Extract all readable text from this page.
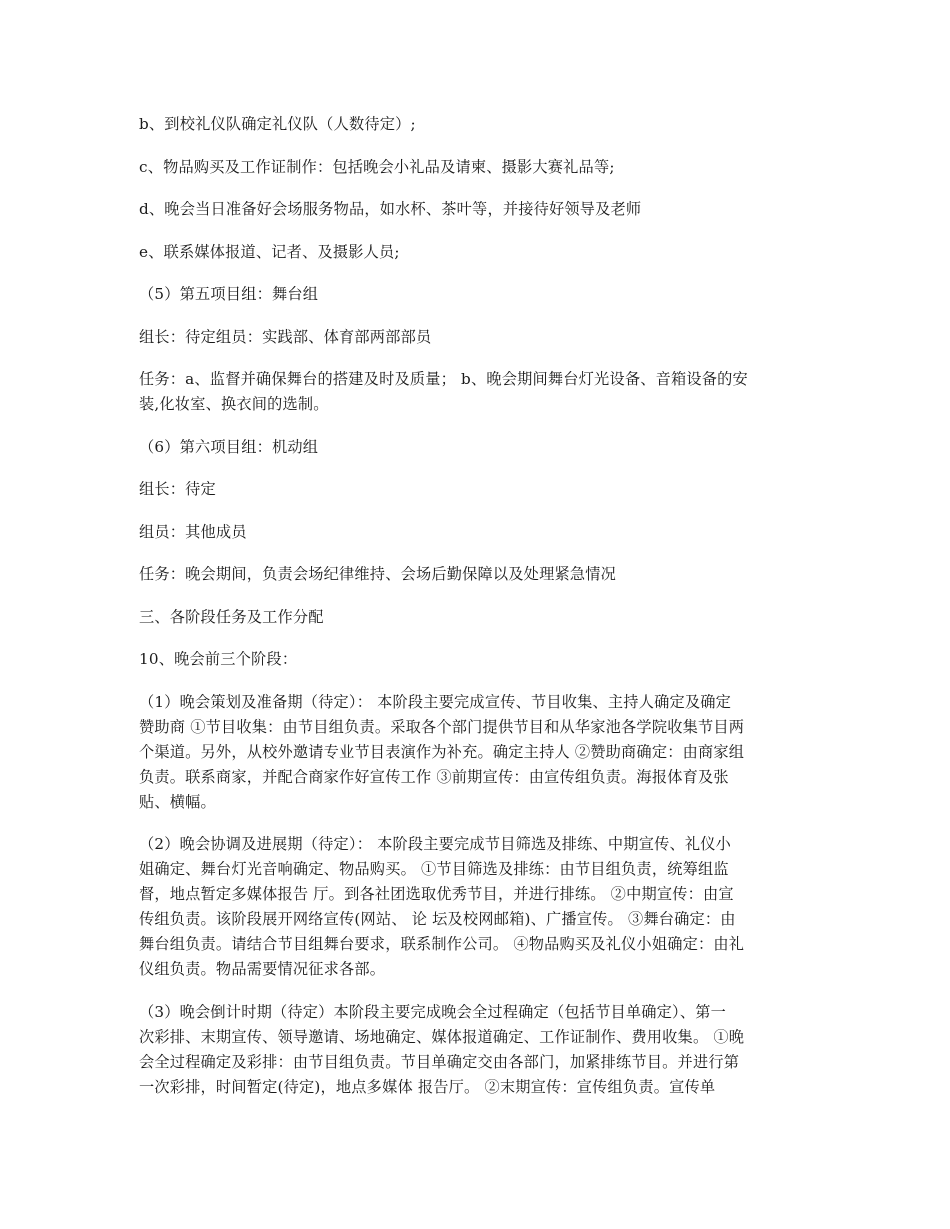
b、到校礼仪队确定礼仪队（人数待定）;

c、物品购买及工作证制作：包括晚会小礼品及请柬、摄影大赛礼品等;

d、晚会当日准备好会场服务物品，如水杯、茶叶等，并接待好领导及老师

e、联系媒体报道、记者、及摄影人员;

（5）第五项目组：舞台组

组长：待定组员：实践部、体育部两部部员

任务：a、监督并确保舞台的搭建及时及质量； b、晚会期间舞台灯光设备、音箱设备的安
装,化妆室、换衣间的选制。

（6）第六项目组：机动组

组长：待定

组员：其他成员

任务：晚会期间，负责会场纪律维持、会场后勤保障以及处理紧急情况

三、各阶段任务及工作分配

10、晚会前三个阶段：

（1）晚会策划及准备期（待定）： 本阶段主要完成宣传、节目收集、主持人确定及确定
赞助商 ①节目收集：由节目组负责。采取各个部门提供节目和从华家池各学院收集节目两
个渠道。另外，从校外邀请专业节目表演作为补充。确定主持人 ②赞助商确定：由商家组
负责。联系商家，并配合商家作好宣传工作 ③前期宣传：由宣传组负责。海报体育及张
贴、横幅。

（2）晚会协调及进展期（待定）： 本阶段主要完成节目筛选及排练、中期宣传、礼仪小
姐确定、舞台灯光音响确定、物品购买。 ①节目筛选及排练：由节目组负责，统筹组监
督，地点暂定多媒体报告 厅。到各社团选取优秀节目，并进行排练。 ②中期宣传：由宣
传组负责。该阶段展开网络宣传(网站、 论 坛及校网邮箱)、广播宣传。 ③舞台确定：由
舞台组负责。请结合节目组舞台要求，联系制作公司。 ④物品购买及礼仪小姐确定：由礼
仪组负责。物品需要情况征求各部。

（3）晚会倒计时期（待定）本阶段主要完成晚会全过程确定（包括节目单确定）、第一
次彩排、末期宣传、领导邀请、场地确定、媒体报道确定、工作证制作、费用收集。 ①晚
会全过程确定及彩排：由节目组负责。节目单确定交由各部门，加紧排练节目。并进行第
一次彩排，时间暂定(待定)，地点多媒体 报告厅。 ②末期宣传：宣传组负责。宣传单
